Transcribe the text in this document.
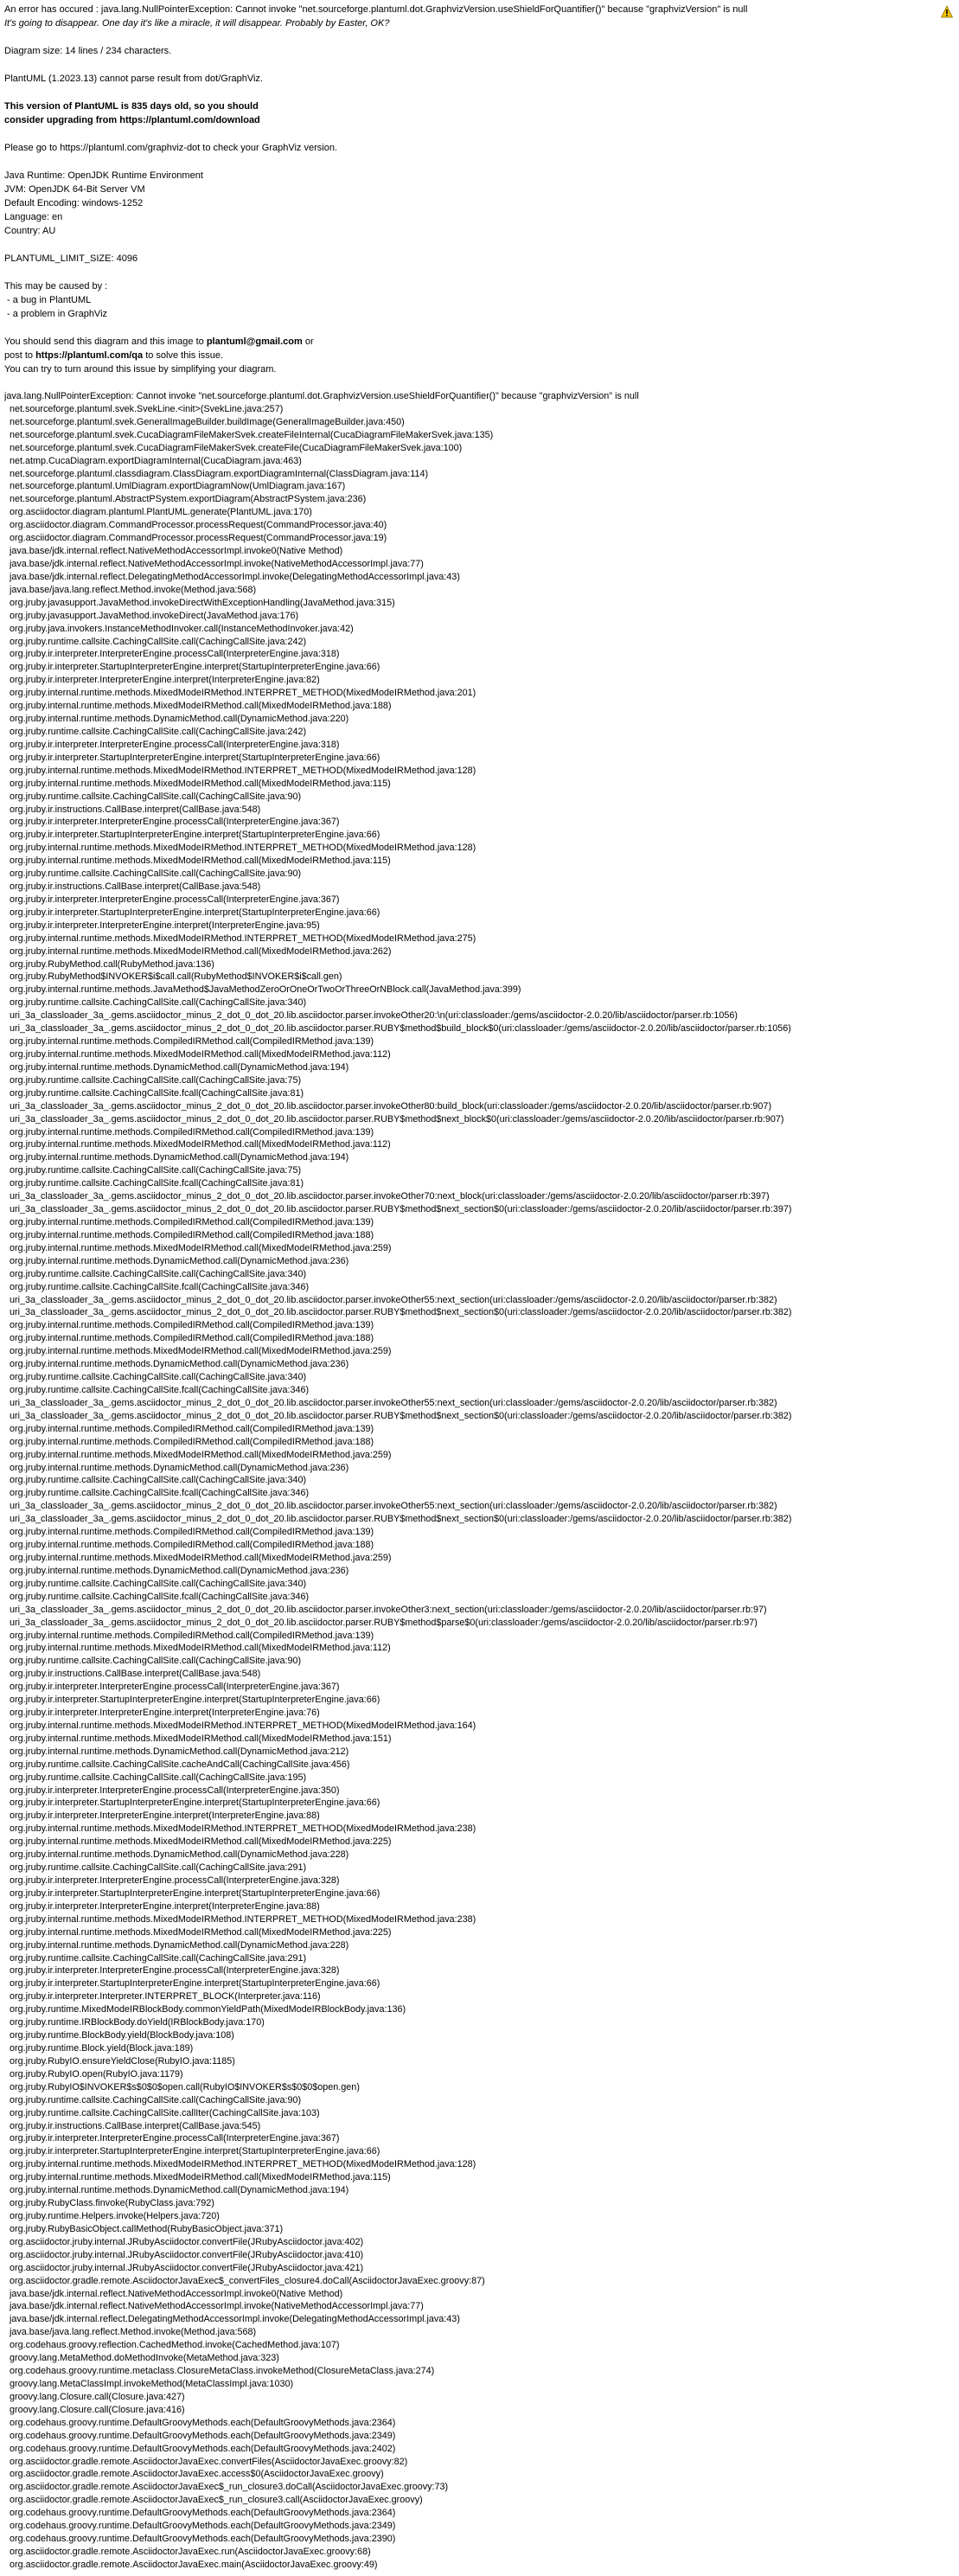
An error has occured : java.lang.NullPointerException: Cannot invoke "net.sourceforge.plantuml.dot.GraphvizVersion.useShieldForQuantifier()" because "graphvizVersion" is null
It's going to disappear. One day it's like a miracle, it will disappear. Probably by Easter, OK?
Diagram size: 14 lines / 234 characters.
PlantUML (1.2023.13) cannot parse result from dot/GraphViz.
This version of PlantUML is 835 days old, so you should
consider upgrading from https://plantuml.com/download
Please go to https://plantuml.com/graphviz-dot to check your GraphViz version.
Java Runtime: OpenJDK Runtime Environment
JVM: OpenJDK 64-Bit Server VM
Default Encoding: windows-1252
Language: en
Country: AU
PLANTUML_LIMIT_SIZE: 4096
This may be caused by :
- a bug in PlantUML
- a problem in GraphViz
You should send this diagram and this image to plantuml@gmail.com or
post to https://plantuml.com/qa to solve this issue.
You can try to turn around this issue by simplifying your diagram.
java.lang.NullPointerException: Cannot invoke "net.sourceforge.plantuml.dot.GraphvizVersion.useShieldForQuantifier()" because "graphvizVersion" is null
net.sourceforge.plantuml.svek.SvekLine.<init>(SvekLine.java:257)
net.sourceforge.plantuml.svek.GeneralImageBuilder.buildImage(GeneralImageBuilder.java:450)
net.sourceforge.plantuml.svek.CucaDiagramFileMakerSvek.createFileInternal(CucaDiagramFileMakerSvek.java:135)
net.sourceforge.plantuml.svek.CucaDiagramFileMakerSvek.createFile(CucaDiagramFileMakerSvek.java:100)
net.atmp.CucaDiagram.exportDiagramInternal(CucaDiagram.java:463)
net.sourceforge.plantuml.classdiagram.ClassDiagram.exportDiagramInternal(ClassDiagram.java:114)
net.sourceforge.plantuml.UmlDiagram.exportDiagramNow(UmlDiagram.java:167)
net.sourceforge.plantuml.AbstractPSystem.exportDiagram(AbstractPSystem.java:236)
org.asciidoctor.diagram.plantuml.PlantUML.generate(PlantUML.java:170)
org.asciidoctor.diagram.CommandProcessor.processRequest(CommandProcessor.java:40)
org.asciidoctor.diagram.CommandProcessor.processRequest(CommandProcessor.java:19)
java.base/jdk.internal.reflect.NativeMethodAccessorImpl.invoke0(Native Method)
java.base/jdk.internal.reflect.NativeMethodAccessorImpl.invoke(NativeMethodAccessorImpl.java:77)
java.base/jdk.internal.reflect.DelegatingMethodAccessorImpl.invoke(DelegatingMethodAccessorImpl.java:43)
java.base/java.lang.reflect.Method.invoke(Method.java:568)
org.jruby.javasupport.JavaMethod.invokeDirectWithExceptionHandling(JavaMethod.java:315)
org.jruby.javasupport.JavaMethod.invokeDirect(JavaMethod.java:176)
org.jruby.java.invokers.InstanceMethodInvoker.call(InstanceMethodInvoker.java:42)
org.jruby.runtime.callsite.CachingCallSite.call(CachingCallSite.java:242)
org.jruby.ir.interpreter.InterpreterEngine.processCall(InterpreterEngine.java:318)
org.jruby.ir.interpreter.StartupInterpreterEngine.interpret(StartupInterpreterEngine.java:66)
org.jruby.ir.interpreter.InterpreterEngine.interpret(InterpreterEngine.java:82)
org.jruby.internal.runtime.methods.MixedModeIRMethod.INTERPRET_METHOD(MixedModeIRMethod.java:201)
org.jruby.internal.runtime.methods.MixedModeIRMethod.call(MixedModeIRMethod.java:188)
org.jruby.internal.runtime.methods.DynamicMethod.call(DynamicMethod.java:220)
org.jruby.runtime.callsite.CachingCallSite.call(CachingCallSite.java:242)
org.jruby.ir.interpreter.InterpreterEngine.processCall(InterpreterEngine.java:318)
org.jruby.ir.interpreter.StartupInterpreterEngine.interpret(StartupInterpreterEngine.java:66)
org.jruby.internal.runtime.methods.MixedModeIRMethod.INTERPRET_METHOD(MixedModeIRMethod.java:128)
org.jruby.internal.runtime.methods.MixedModeIRMethod.call(MixedModeIRMethod.java:115)
org.jruby.runtime.callsite.CachingCallSite.call(CachingCallSite.java:90)
org.jruby.ir.instructions.CallBase.interpret(CallBase.java:548)
org.jruby.ir.interpreter.InterpreterEngine.processCall(InterpreterEngine.java:367)
org.jruby.ir.interpreter.StartupInterpreterEngine.interpret(StartupInterpreterEngine.java:66)
org.jruby.internal.runtime.methods.MixedModeIRMethod.INTERPRET_METHOD(MixedModeIRMethod.java:128)
org.jruby.internal.runtime.methods.MixedModeIRMethod.call(MixedModeIRMethod.java:115)
org.jruby.runtime.callsite.CachingCallSite.call(CachingCallSite.java:90)
org.jruby.ir.instructions.CallBase.interpret(CallBase.java:548)
org.jruby.ir.interpreter.InterpreterEngine.processCall(InterpreterEngine.java:367)
org.jruby.ir.interpreter.StartupInterpreterEngine.interpret(StartupInterpreterEngine.java:66)
org.jruby.ir.interpreter.InterpreterEngine.interpret(InterpreterEngine.java:95)
org.jruby.internal.runtime.methods.MixedModeIRMethod.INTERPRET_METHOD(MixedModeIRMethod.java:275)
org.jruby.internal.runtime.methods.MixedModeIRMethod.call(MixedModeIRMethod.java:262)
org.jruby.RubyMethod.call(RubyMethod.java:136)
org.jruby.RubyMethod$INVOKER$i$call.call(RubyMethod$INVOKER$i$call.gen)
org.jruby.internal.runtime.methods.JavaMethod$JavaMethodZeroOrOneOrTwoOrThreeOrNBlock.call(JavaMethod.java:399)
org.jruby.runtime.callsite.CachingCallSite.call(CachingCallSite.java:340)
uri_3a_classloader_3a_.gems.asciidoctor_minus_2_dot_0_dot_20.lib.asciidoctor.parser.invokeOther20:\n(uri:classloader:/gems/asciidoctor-2.0.20/lib/asciidoctor/parser.rb:1056)
uri_3a_classloader_3a_.gems.asciidoctor_minus_2_dot_0_dot_20.lib.asciidoctor.parser.RUBY$method$build_block$0(uri:classloader:/gems/asciidoctor-2.0.20/lib/asciidoctor/parser.rb:1056)
org.jruby.internal.runtime.methods.CompiledIRMethod.call(CompiledIRMethod.java:139)
org.jruby.internal.runtime.methods.MixedModeIRMethod.call(MixedModeIRMethod.java:112)
org.jruby.internal.runtime.methods.DynamicMethod.call(DynamicMethod.java:194)
org.jruby.runtime.callsite.CachingCallSite.call(CachingCallSite.java:75)
org.jruby.runtime.callsite.CachingCallSite.fcall(CachingCallSite.java:81)
uri_3a_classloader_3a_.gems.asciidoctor_minus_2_dot_0_dot_20.lib.asciidoctor.parser.invokeOther80:build_block(uri:classloader:/gems/asciidoctor-2.0.20/lib/asciidoctor/parser.rb:907)
uri_3a_classloader_3a_.gems.asciidoctor_minus_2_dot_0_dot_20.lib.asciidoctor.parser.RUBY$method$next_block$0(uri:classloader:/gems/asciidoctor-2.0.20/lib/asciidoctor/parser.rb:907)
org.jruby.internal.runtime.methods.CompiledIRMethod.call(CompiledIRMethod.java:139)
org.jruby.internal.runtime.methods.MixedModeIRMethod.call(MixedModeIRMethod.java:112)
org.jruby.internal.runtime.methods.DynamicMethod.call(DynamicMethod.java:194)
org.jruby.runtime.callsite.CachingCallSite.call(CachingCallSite.java:75)
org.jruby.runtime.callsite.CachingCallSite.fcall(CachingCallSite.java:81)
uri_3a_classloader_3a_.gems.asciidoctor_minus_2_dot_0_dot_20.lib.asciidoctor.parser.invokeOther70:next_block(uri:classloader:/gems/asciidoctor-2.0.20/lib/asciidoctor/parser.rb:397)
uri_3a_classloader_3a_.gems.asciidoctor_minus_2_dot_0_dot_20.lib.asciidoctor.parser.RUBY$method$next_section$0(uri:classloader:/gems/asciidoctor-2.0.20/lib/asciidoctor/parser.rb:397)
org.jruby.internal.runtime.methods.CompiledIRMethod.call(CompiledIRMethod.java:139)
org.jruby.internal.runtime.methods.CompiledIRMethod.call(CompiledIRMethod.java:188)
org.jruby.internal.runtime.methods.MixedModeIRMethod.call(MixedModeIRMethod.java:259)
org.jruby.internal.runtime.methods.DynamicMethod.call(DynamicMethod.java:236)
org.jruby.runtime.callsite.CachingCallSite.call(CachingCallSite.java:340)
org.jruby.runtime.callsite.CachingCallSite.fcall(CachingCallSite.java:346)
uri_3a_classloader_3a_.gems.asciidoctor_minus_2_dot_0_dot_20.lib.asciidoctor.parser.invokeOther55:next_section(uri:classloader:/gems/asciidoctor-2.0.20/lib/asciidoctor/parser.rb:382)
uri_3a_classloader_3a_.gems.asciidoctor_minus_2_dot_0_dot_20.lib.asciidoctor.parser.RUBY$method$next_section$0(uri:classloader:/gems/asciidoctor-2.0.20/lib/asciidoctor/parser.rb:382)
org.jruby.internal.runtime.methods.CompiledIRMethod.call(CompiledIRMethod.java:139)
org.jruby.internal.runtime.methods.CompiledIRMethod.call(CompiledIRMethod.java:188)
org.jruby.internal.runtime.methods.MixedModeIRMethod.call(MixedModeIRMethod.java:259)
org.jruby.internal.runtime.methods.DynamicMethod.call(DynamicMethod.java:236)
org.jruby.runtime.callsite.CachingCallSite.call(CachingCallSite.java:340)
org.jruby.runtime.callsite.CachingCallSite.fcall(CachingCallSite.java:346)
uri_3a_classloader_3a_.gems.asciidoctor_minus_2_dot_0_dot_20.lib.asciidoctor.parser.invokeOther55:next_section(uri:classloader:/gems/asciidoctor-2.0.20/lib/asciidoctor/parser.rb:382)
uri_3a_classloader_3a_.gems.asciidoctor_minus_2_dot_0_dot_20.lib.asciidoctor.parser.RUBY$method$next_section$0(uri:classloader:/gems/asciidoctor-2.0.20/lib/asciidoctor/parser.rb:382)
org.jruby.internal.runtime.methods.CompiledIRMethod.call(CompiledIRMethod.java:139)
org.jruby.internal.runtime.methods.CompiledIRMethod.call(CompiledIRMethod.java:188)
org.jruby.internal.runtime.methods.MixedModeIRMethod.call(MixedModeIRMethod.java:259)
org.jruby.internal.runtime.methods.DynamicMethod.call(DynamicMethod.java:236)
org.jruby.runtime.callsite.CachingCallSite.call(CachingCallSite.java:340)
org.jruby.runtime.callsite.CachingCallSite.fcall(CachingCallSite.java:346)
uri_3a_classloader_3a_.gems.asciidoctor_minus_2_dot_0_dot_20.lib.asciidoctor.parser.invokeOther55:next_section(uri:classloader:/gems/asciidoctor-2.0.20/lib/asciidoctor/parser.rb:382)
uri_3a_classloader_3a_.gems.asciidoctor_minus_2_dot_0_dot_20.lib.asciidoctor.parser.RUBY$method$next_section$0(uri:classloader:/gems/asciidoctor-2.0.20/lib/asciidoctor/parser.rb:382)
org.jruby.internal.runtime.methods.CompiledIRMethod.call(CompiledIRMethod.java:139)
org.jruby.internal.runtime.methods.CompiledIRMethod.call(CompiledIRMethod.java:188)
org.jruby.internal.runtime.methods.MixedModeIRMethod.call(MixedModeIRMethod.java:259)
org.jruby.internal.runtime.methods.DynamicMethod.call(DynamicMethod.java:236)
org.jruby.runtime.callsite.CachingCallSite.call(CachingCallSite.java:340)
org.jruby.runtime.callsite.CachingCallSite.fcall(CachingCallSite.java:346)
uri_3a_classloader_3a_.gems.asciidoctor_minus_2_dot_0_dot_20.lib.asciidoctor.parser.invokeOther3:next_section(uri:classloader:/gems/asciidoctor-2.0.20/lib/asciidoctor/parser.rb:97)
uri_3a_classloader_3a_.gems.asciidoctor_minus_2_dot_0_dot_20.lib.asciidoctor.parser.RUBY$method$parse$0(uri:classloader:/gems/asciidoctor-2.0.20/lib/asciidoctor/parser.rb:97)
org.jruby.internal.runtime.methods.CompiledIRMethod.call(CompiledIRMethod.java:139)
org.jruby.internal.runtime.methods.MixedModeIRMethod.call(MixedModeIRMethod.java:112)
org.jruby.runtime.callsite.CachingCallSite.call(CachingCallSite.java:90)
org.jruby.ir.instructions.CallBase.interpret(CallBase.java:548)
org.jruby.ir.interpreter.InterpreterEngine.processCall(InterpreterEngine.java:367)
org.jruby.ir.interpreter.StartupInterpreterEngine.interpret(StartupInterpreterEngine.java:66)
org.jruby.ir.interpreter.InterpreterEngine.interpret(InterpreterEngine.java:76)
org.jruby.internal.runtime.methods.MixedModeIRMethod.INTERPRET_METHOD(MixedModeIRMethod.java:164)
org.jruby.internal.runtime.methods.MixedModeIRMethod.call(MixedModeIRMethod.java:151)
org.jruby.internal.runtime.methods.DynamicMethod.call(DynamicMethod.java:212)
org.jruby.runtime.callsite.CachingCallSite.cacheAndCall(CachingCallSite.java:456)
org.jruby.runtime.callsite.CachingCallSite.call(CachingCallSite.java:195)
org.jruby.ir.interpreter.InterpreterEngine.processCall(InterpreterEngine.java:350)
org.jruby.ir.interpreter.StartupInterpreterEngine.interpret(StartupInterpreterEngine.java:66)
org.jruby.ir.interpreter.InterpreterEngine.interpret(InterpreterEngine.java:88)
org.jruby.internal.runtime.methods.MixedModeIRMethod.INTERPRET_METHOD(MixedModeIRMethod.java:238)
org.jruby.internal.runtime.methods.MixedModeIRMethod.call(MixedModeIRMethod.java:225)
org.jruby.internal.runtime.methods.DynamicMethod.call(DynamicMethod.java:228)
org.jruby.runtime.callsite.CachingCallSite.call(CachingCallSite.java:291)
org.jruby.ir.interpreter.InterpreterEngine.processCall(InterpreterEngine.java:328)
org.jruby.ir.interpreter.StartupInterpreterEngine.interpret(StartupInterpreterEngine.java:66)
org.jruby.ir.interpreter.InterpreterEngine.interpret(InterpreterEngine.java:88)
org.jruby.internal.runtime.methods.MixedModeIRMethod.INTERPRET_METHOD(MixedModeIRMethod.java:238)
org.jruby.internal.runtime.methods.MixedModeIRMethod.call(MixedModeIRMethod.java:225)
org.jruby.internal.runtime.methods.DynamicMethod.call(DynamicMethod.java:228)
org.jruby.runtime.callsite.CachingCallSite.call(CachingCallSite.java:291)
org.jruby.ir.interpreter.InterpreterEngine.processCall(InterpreterEngine.java:328)
org.jruby.ir.interpreter.StartupInterpreterEngine.interpret(StartupInterpreterEngine.java:66)
org.jruby.ir.interpreter.Interpreter.INTERPRET_BLOCK(Interpreter.java:116)
org.jruby.runtime.MixedModeIRBlockBody.commonYieldPath(MixedModeIRBlockBody.java:136)
org.jruby.runtime.IRBlockBody.doYield(IRBlockBody.java:170)
org.jruby.runtime.BlockBody.yield(BlockBody.java:108)
org.jruby.runtime.Block.yield(Block.java:189)
org.jruby.RubyIO.ensureYieldClose(RubyIO.java:1185)
org.jruby.RubyIO.open(RubyIO.java:1179)
org.jruby.RubyIO$INVOKER$s$0$0$open.call(RubyIO$INVOKER$s$0$0$open.gen)
org.jruby.runtime.callsite.CachingCallSite.call(CachingCallSite.java:90)
org.jruby.runtime.callsite.CachingCallSite.callIter(CachingCallSite.java:103)
org.jruby.ir.instructions.CallBase.interpret(CallBase.java:545)
org.jruby.ir.interpreter.InterpreterEngine.processCall(InterpreterEngine.java:367)
org.jruby.ir.interpreter.StartupInterpreterEngine.interpret(StartupInterpreterEngine.java:66)
org.jruby.internal.runtime.methods.MixedModeIRMethod.INTERPRET_METHOD(MixedModeIRMethod.java:128)
org.jruby.internal.runtime.methods.MixedModeIRMethod.call(MixedModeIRMethod.java:115)
org.jruby.internal.runtime.methods.DynamicMethod.call(DynamicMethod.java:194)
org.jruby.RubyClass.finvoke(RubyClass.java:792)
org.jruby.runtime.Helpers.invoke(Helpers.java:720)
org.jruby.RubyBasicObject.callMethod(RubyBasicObject.java:371)
org.asciidoctor.jruby.internal.JRubyAsciidoctor.convertFile(JRubyAsciidoctor.java:402)
org.asciidoctor.jruby.internal.JRubyAsciidoctor.convertFile(JRubyAsciidoctor.java:410)
org.asciidoctor.jruby.internal.JRubyAsciidoctor.convertFile(JRubyAsciidoctor.java:421)
org.asciidoctor.gradle.remote.AsciidoctorJavaExec$_convertFiles_closure4.doCall(AsciidoctorJavaExec.groovy:87)
java.base/jdk.internal.reflect.NativeMethodAccessorImpl.invoke0(Native Method)
java.base/jdk.internal.reflect.NativeMethodAccessorImpl.invoke(NativeMethodAccessorImpl.java:77)
java.base/jdk.internal.reflect.DelegatingMethodAccessorImpl.invoke(DelegatingMethodAccessorImpl.java:43)
java.base/java.lang.reflect.Method.invoke(Method.java:568)
org.codehaus.groovy.reflection.CachedMethod.invoke(CachedMethod.java:107)
groovy.lang.MetaMethod.doMethodInvoke(MetaMethod.java:323)
org.codehaus.groovy.runtime.metaclass.ClosureMetaClass.invokeMethod(ClosureMetaClass.java:274)
groovy.lang.MetaClassImpl.invokeMethod(MetaClassImpl.java:1030)
groovy.lang.Closure.call(Closure.java:427)
groovy.lang.Closure.call(Closure.java:416)
org.codehaus.groovy.runtime.DefaultGroovyMethods.each(DefaultGroovyMethods.java:2364)
org.codehaus.groovy.runtime.DefaultGroovyMethods.each(DefaultGroovyMethods.java:2349)
org.codehaus.groovy.runtime.DefaultGroovyMethods.each(DefaultGroovyMethods.java:2402)
org.asciidoctor.gradle.remote.AsciidoctorJavaExec.convertFiles(AsciidoctorJavaExec.groovy:82)
org.asciidoctor.gradle.remote.AsciidoctorJavaExec.access$0(AsciidoctorJavaExec.groovy)
org.asciidoctor.gradle.remote.AsciidoctorJavaExec$_run_closure3.doCall(AsciidoctorJavaExec.groovy:73)
org.asciidoctor.gradle.remote.AsciidoctorJavaExec$_run_closure3.call(AsciidoctorJavaExec.groovy)
org.codehaus.groovy.runtime.DefaultGroovyMethods.each(DefaultGroovyMethods.java:2364)
org.codehaus.groovy.runtime.DefaultGroovyMethods.each(DefaultGroovyMethods.java:2349)
org.codehaus.groovy.runtime.DefaultGroovyMethods.each(DefaultGroovyMethods.java:2390)
org.asciidoctor.gradle.remote.AsciidoctorJavaExec.run(AsciidoctorJavaExec.groovy:68)
org.asciidoctor.gradle.remote.AsciidoctorJavaExec.main(AsciidoctorJavaExec.groovy:49)
